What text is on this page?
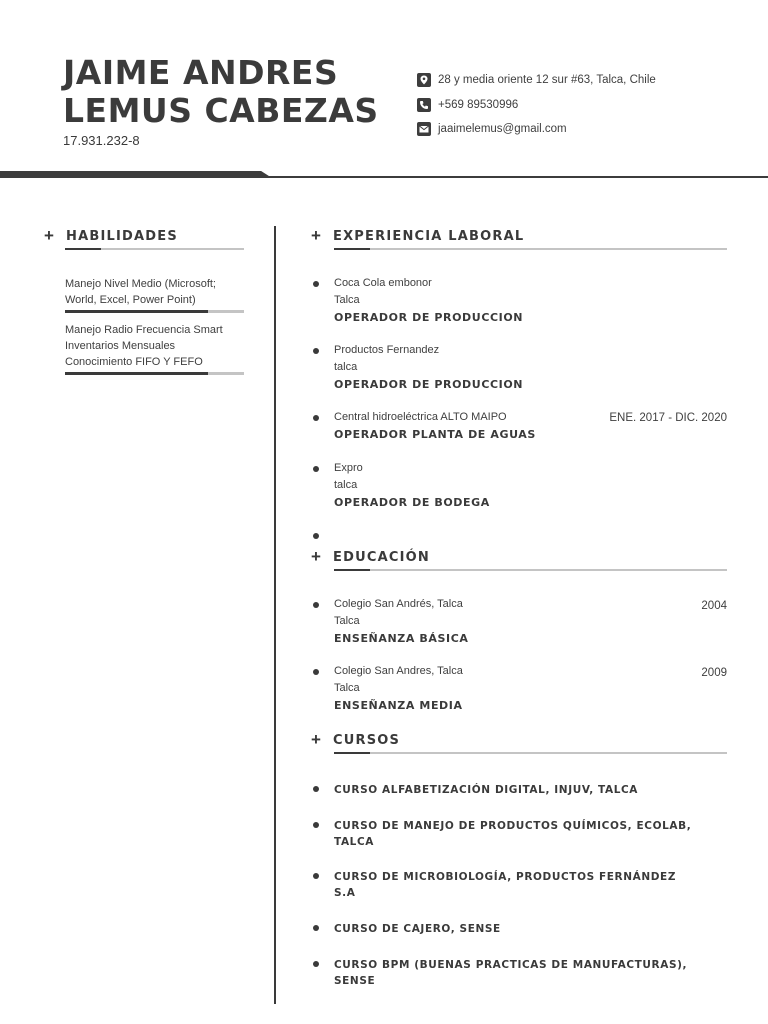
JAIME ANDRES
LEMUS CABEZAS
17.931.232-8
28 y media oriente 12 sur #63, Talca, Chile
+569 89530996
jaaimelemus@gmail.com
+ HABILIDADES
Manejo Nivel Medio (Microsoft;
World, Excel, Power Point)
Manejo Radio Frecuencia Smart
Inventarios Mensuales
Conocimiento FIFO Y FEFO
+ EXPERIENCIA LABORAL
Coca Cola embonor
Talca
OPERADOR DE PRODUCCION
Productos Fernandez
talca
OPERADOR DE PRODUCCION
Central hidroeléctrica ALTO MAIPO
OPERADOR PLANTA DE AGUAS
ENE. 2017 - DIC. 2020
Expro
talca
OPERADOR DE BODEGA
+ EDUCACIÓN
Colegio San Andrés, Talca
Talca
ENSEÑANZA BÁSICA
2004
Colegio San Andres, Talca
Talca
ENSEÑANZA MEDIA
2009
+ CURSOS
CURSO ALFABETIZACIÓN DIGITAL, INJUV, TALCA
CURSO DE MANEJO DE PRODUCTOS QUÍMICOS, ECOLAB,
TALCA
CURSO DE MICROBIOLOGÍA, PRODUCTOS FERNÁNDEZ
S.A
CURSO DE CAJERO, SENSE
CURSO BPM (BUENAS PRACTICAS DE MANUFACTURAS),
SENSE
